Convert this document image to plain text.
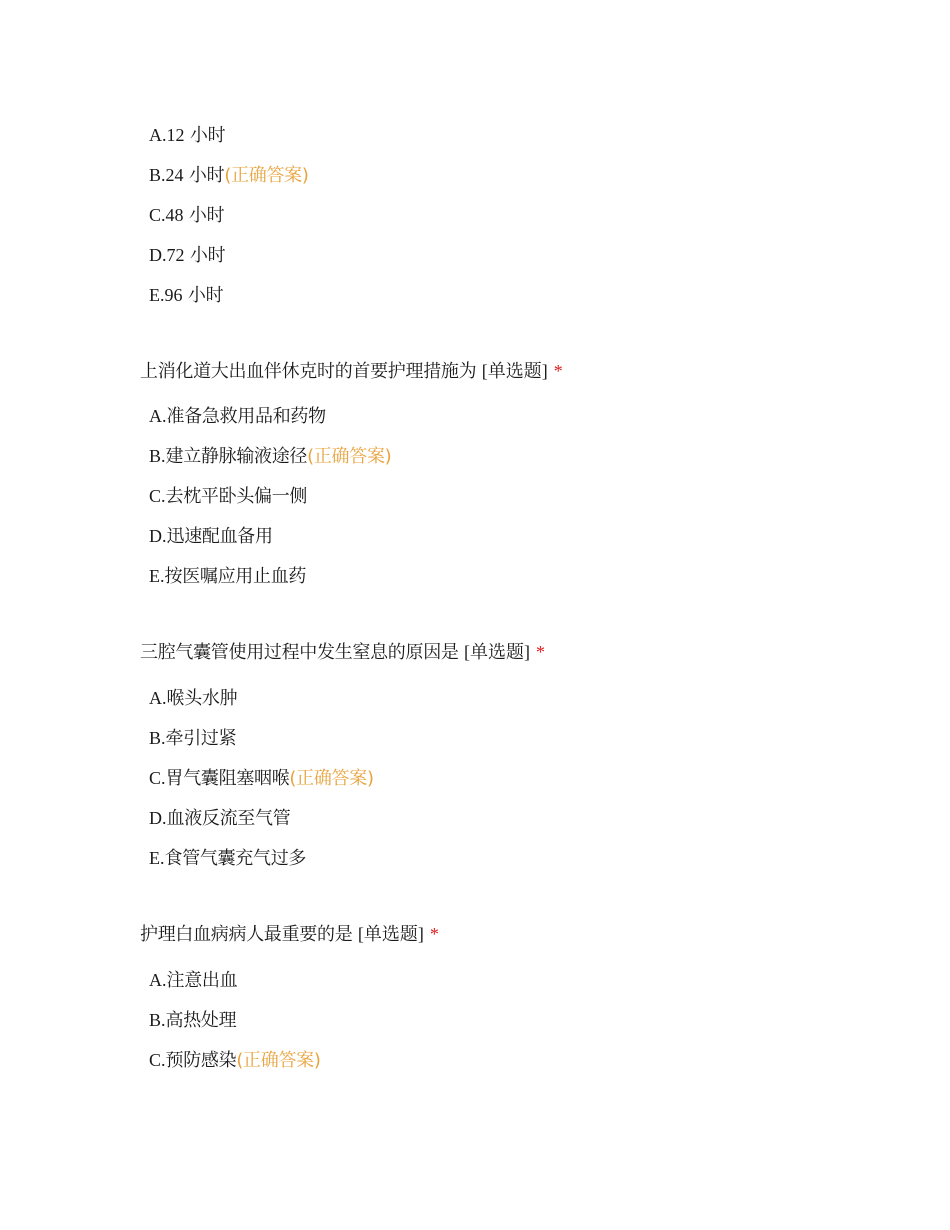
A.12 小时
B.24 小时(正确答案)
C.48 小时
D.72 小时
E.96 小时
上消化道大出血伴休克时的首要护理措施为 [单选题] *
A.准备急救用品和药物
B.建立静脉输液途径(正确答案)
C.去枕平卧头偏一侧
D.迅速配血备用
E.按医嘱应用止血药
三腔气囊管使用过程中发生窒息的原因是 [单选题] *
A.喉头水肿
B.牵引过紧
C.胃气囊阻塞咽喉(正确答案)
D.血液反流至气管
E.食管气囊充气过多
护理白血病病人最重要的是 [单选题] *
A.注意出血
B.高热处理
C.预防感染(正确答案)
